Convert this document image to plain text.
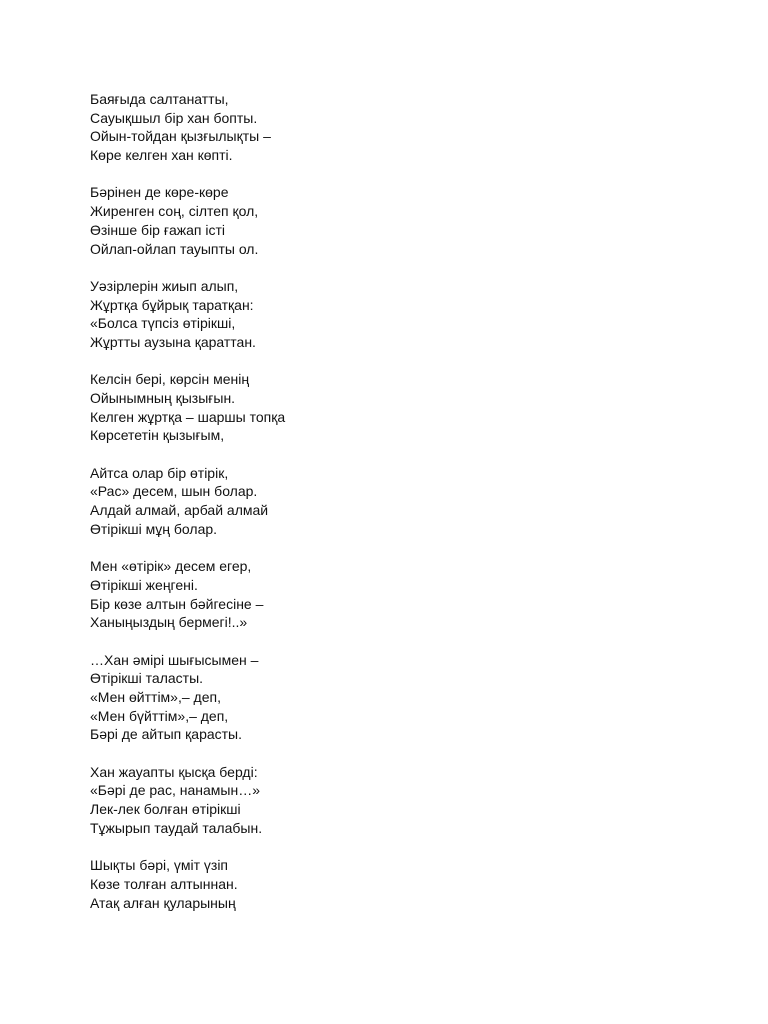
Баяғыда салтанатты,
Сауықшыл бір хан бопты.
Ойын-тойдан қызғылықты –
Көре келген хан көпті.
Бәрінен де көре-көре
Жиренген соң, сілтеп қол,
Өзінше бір ғажап істі
Ойлап-ойлап тауыпты ол.
Уәзірлерін жиып алып,
Жұртқа бұйрық таратқан:
«Болса түпсіз өтірікші,
Жұртты аузына қараттан.
Келсін бері, көрсін менің
Ойынымның қызығын.
Келген жұртқа – шаршы топқа
Көрсететін қызығым,
Айтса олар бір өтірік,
«Рас» десем, шын болар.
Алдай алмай, арбай алмай
Өтірікші мұң болар.
Мен «өтірік» десем егер,
Өтірікші жеңгені.
Бір көзе алтын бәйгесіне –
Ханыңыздың бермегі!..»
…Хан әмірі шығысымен –
Өтірікші таласты.
«Мен өйттім»,– деп,
«Мен бүйттім»,– деп,
Бәрі де айтып қарасты.
Хан жауапты қысқа берді:
«Бәрі де рас, нанамын…»
Лек-лек болған өтірікші
Тұжырып таудай талабын.
Шықты бәрі, үміт үзіп
Көзе толған алтыннан.
Атақ алған қуларының
